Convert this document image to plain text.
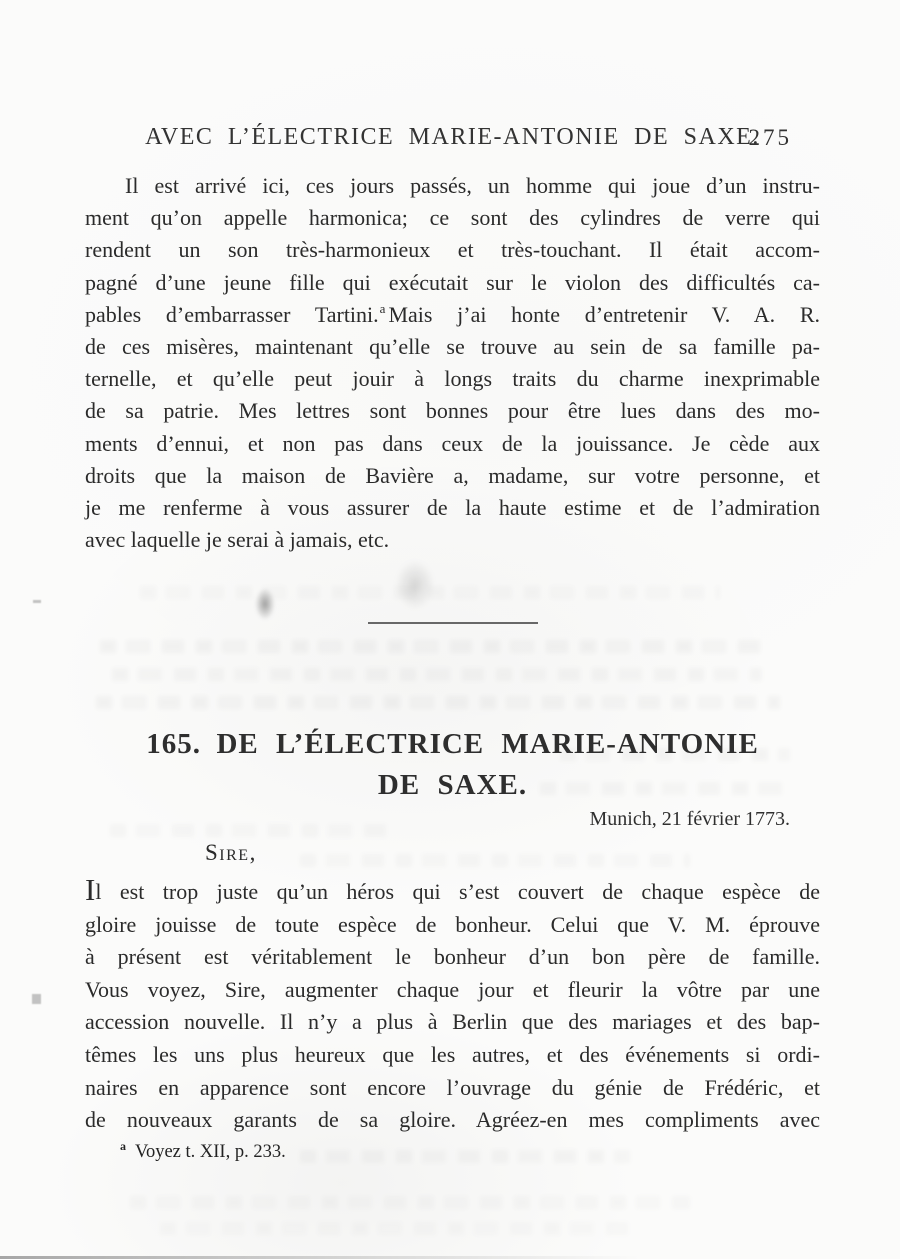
AVEC L’ÉLECTRICE MARIE-ANTONIE DE SAXE.
275
Il est arrivé ici, ces jours passés, un homme qui joue d’un instru-
ment qu’on appelle harmonica; ce sont des cylindres de verre qui
rendent un son très-harmonieux et très-touchant. Il était accom-
pagné d’une jeune fille qui exécutait sur le violon des difficultés ca-
pables d’embarrasser Tartini.$^a$ Mais j’ai honte d’entretenir V. A. R.
de ces misères, maintenant qu’elle se trouve au sein de sa famille pa-
ternelle, et qu’elle peut jouir à longs traits du charme inexprimable
de sa patrie. Mes lettres sont bonnes pour être lues dans des mo-
ments d’ennui, et non pas dans ceux de la jouissance. Je cède aux
droits que la maison de Bavière a, madame, sur votre personne, et
je me renferme à vous assurer de la haute estime et de l’admiration
avec laquelle je serai à jamais, etc.
165. DE L’ÉLECTRICE MARIE-ANTONIE
DE SAXE.
Munich, 21 février 1773.
Sire,
Il est trop juste qu’un héros qui s’est couvert de chaque espèce de
gloire jouisse de toute espèce de bonheur. Celui que V. M. éprouve
à présent est véritablement le bonheur d’un bon père de famille.
Vous voyez, Sire, augmenter chaque jour et fleurir la vôtre par une
accession nouvelle. Il n’y a plus à Berlin que des mariages et des bap-
têmes les uns plus heureux que les autres, et des événements si ordi-
naires en apparence sont encore l’ouvrage du génie de Frédéric, et
de nouveaux garants de sa gloire. Agréez-en mes compliments avec
$^a$ Voyez t. XII, p. 233.
